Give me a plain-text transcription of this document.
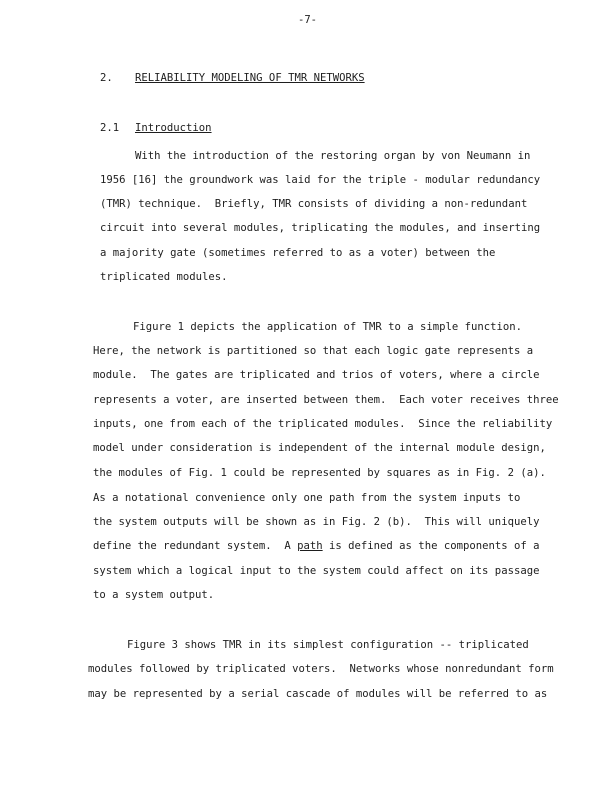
-7-
2. RELIABILITY MODELING OF TMR NETWORKS
2.1 Introduction
With the introduction of the restoring organ by von Neumann in
1956 [16] the groundwork was laid for the triple - modular redundancy
(TMR) technique.  Briefly, TMR consists of dividing a non-redundant
circuit into several modules, triplicating the modules, and inserting
a majority gate (sometimes referred to as a voter) between the
triplicated modules.
Figure 1 depicts the application of TMR to a simple function.
Here, the network is partitioned so that each logic gate represents a
module.  The gates are triplicated and trios of voters, where a circle
represents a voter, are inserted between them.  Each voter receives three
inputs, one from each of the triplicated modules.  Since the reliability
model under consideration is independent of the internal module design,
the modules of Fig. 1 could be represented by squares as in Fig. 2 (a).
As a notational convenience only one path from the system inputs to
the system outputs will be shown as in Fig. 2 (b).  This will uniquely
define the redundant system. A path is defined as the components of a
system which a logical input to the system could affect on its passage
to a system output.
Figure 3 shows TMR in its simplest configuration -- triplicated
modules followed by triplicated voters.  Networks whose nonredundant form
may be represented by a serial cascade of modules will be referred to as
